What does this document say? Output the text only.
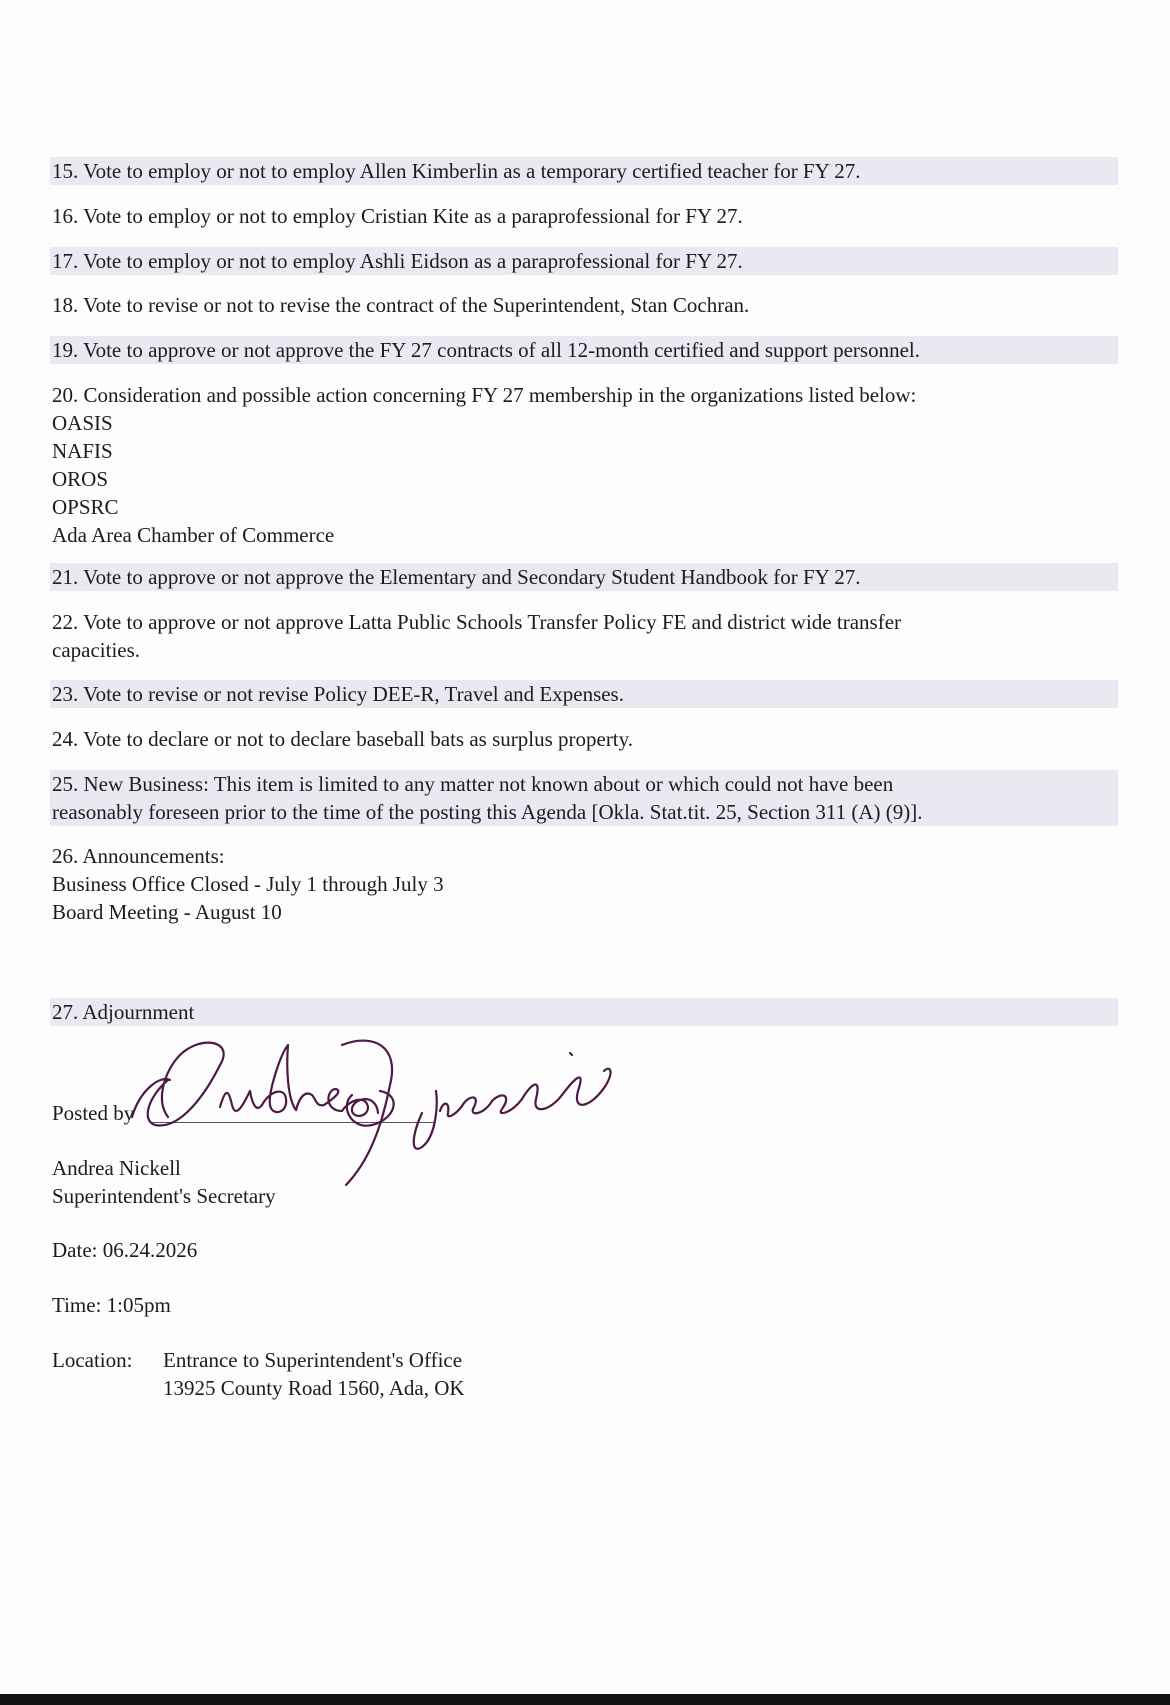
15. Vote to employ or not to employ Allen Kimberlin as a temporary certified teacher for FY 27.
16. Vote to employ or not to employ Cristian Kite as a paraprofessional for FY 27.
17. Vote to employ or not to employ Ashli Eidson as a paraprofessional for FY 27.
18. Vote to revise or not to revise the contract of the Superintendent, Stan Cochran.
19. Vote to approve or not approve the FY 27 contracts of all 12-month certified and support personnel.
20. Consideration and possible action concerning FY 27 membership in the organizations listed below:
OASIS
NAFIS
OROS
OPSRC
Ada Area Chamber of Commerce
21. Vote to approve or not approve the Elementary and Secondary Student Handbook for FY 27.
22. Vote to approve or not approve Latta Public Schools Transfer Policy FE and district wide transfer
capacities.
23. Vote to revise or not revise Policy DEE-R, Travel and Expenses.
24. Vote to declare or not to declare baseball bats as surplus property.
25. New Business: This item is limited to any matter not known about or which could not have been
reasonably foreseen prior to the time of the posting this Agenda [Okla. Stat.tit. 25, Section 311 (A) (9)].
26. Announcements:
Business Office Closed - July 1 through July 3
Board Meeting - August 10
27. Adjournment
Posted by
Andrea Nickell
Superintendent's Secretary
Date: 06.24.2026
Time: 1:05pm
Location: Entrance to Superintendent's Office
13925 County Road 1560, Ada, OK
